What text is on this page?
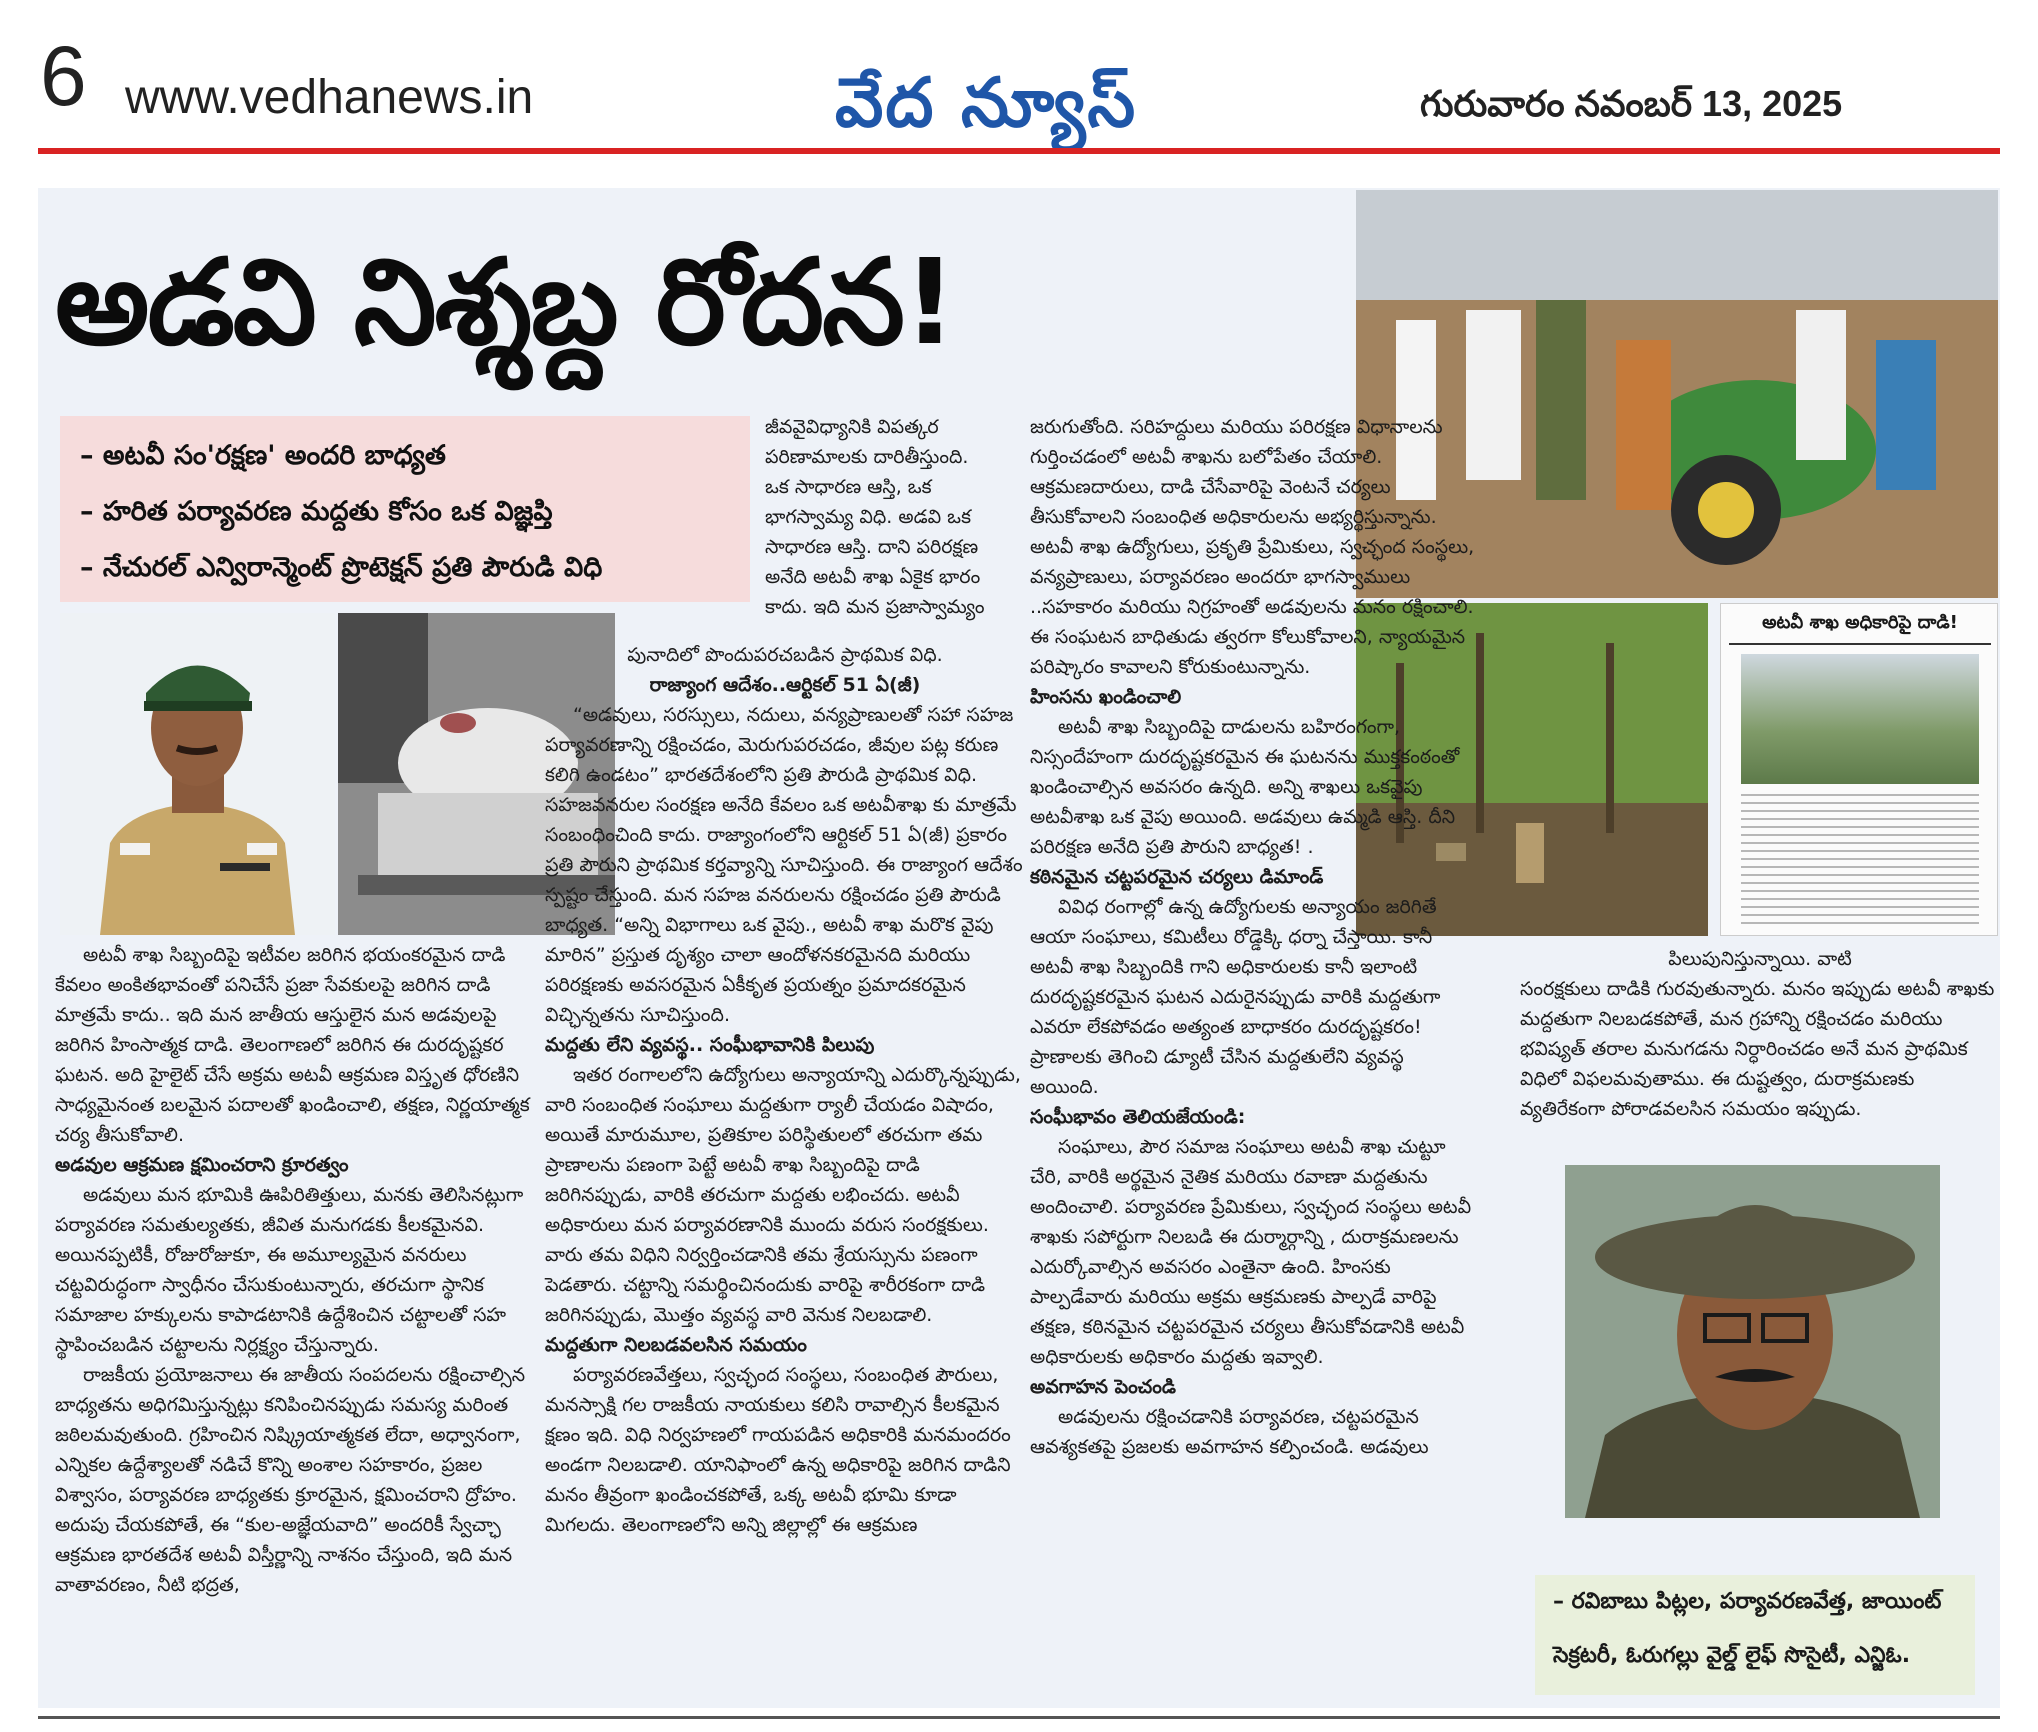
6 www.vedhanews.in	వేద న్యూస్	గురువారం నవంబర్ 13, 2025
అడవి నిశ్శబ్ద రోదన!
– అటవీ సం'రక్షణ' అందరి బాధ్యత
– హరిత పర్యావరణ మద్దతు కోసం ఒక విజ్ఞప్తి
– నేచురల్ ఎన్విరాన్మెంట్ ప్రొటెక్షన్ ప్రతి పౌరుడి విధి
అటవీ శాఖ అధికారిపై దాడి!
– రవిబాబు పిట్లల, పర్యావరణవేత్త, జాయింట్
సెక్రటరీ, ఓరుగల్లు వైల్డ్ లైఫ్ సొసైటీ, ఎన్జిఓ.

అటవీ శాఖ సిబ్బందిపై ఇటీవల జరిగిన భయంకరమైన దాడి కేవలం అంకితభావంతో పనిచేసే ప్రజా సేవకులపై జరిగిన దాడి మాత్రమే కాదు.. ఇది మన జాతీయ ఆస్తులైన మన అడవులపై జరిగిన హింసాత్మక దాడి. తెలంగాణలో జరిగిన ఈ దురదృష్టకర ఘటన. అది హైలైట్ చేసే అక్రమ అటవీ ఆక్రమణ విస్తృత ధోరణిని సాధ్యమైనంత బలమైన పదాలతో ఖండించాలి, తక్షణ, నిర్ణయాత్మక చర్య తీసుకోవాలి.

అడవుల ఆక్రమణ క్షమించరాని క్రూరత్వం

అడవులు మన భూమికి ఊపిరితిత్తులు, మనకు తెలిసినట్లుగా పర్యావరణ సమతుల్యతకు, జీవిత మనుగడకు కీలకమైనవి. అయినప్పటికీ, రోజురోజుకూ, ఈ అమూల్యమైన వనరులు చట్టవిరుద్ధంగా స్వాధీనం చేసుకుంటున్నారు, తరచుగా స్థానిక సమాజాల హక్కులను కాపాడటానికి ఉద్దేశించిన చట్టాలతో సహ స్థాపించబడిన చట్టాలను నిర్లక్ష్యం చేస్తున్నారు.

రాజకీయ ప్రయోజనాలు ఈ జాతీయ సంపదలను రక్షించాల్సిన బాధ్యతను అధిగమిస్తున్నట్లు కనిపించినప్పుడు సమస్య మరింత జఠిలమవుతుంది. గ్రహించిన నిష్క్రియాత్మకత లేదా, అధ్వానంగా, ఎన్నికల ఉద్దేశ్యాలతో నడిచే కొన్ని అంశాల సహకారం, ప్రజల విశ్వాసం, పర్యావరణ బాధ్యతకు క్రూరమైన, క్షమించరాని ద్రోహం. అదుపు చేయకపోతే, ఈ “కుల-అజ్ఞేయవాది” అందరికీ స్వేచ్ఛా ఆక్రమణ భారతదేశ అటవీ విస్తీర్ణాన్ని నాశనం చేస్తుంది, ఇది మన వాతావరణం, నీటి భద్రత,

జీవవైవిధ్యానికి విపత్కర

పరిణామాలకు దారితీస్తుంది.

ఒక సాధారణ ఆస్తి, ఒక

భాగస్వామ్య విధి. అడవి ఒక

సాధారణ ఆస్తి. దాని పరిరక్షణ

అనేది అటవీ శాఖ ఏకైక భారం

కాదు. ఇది మన ప్రజాస్వామ్యం

పునాదిలో పొందుపరచబడిన ప్రాథమిక విధి.

రాజ్యాంగ ఆదేశం..ఆర్టికల్ 51 ఏ(జీ)

“అడవులు, సరస్సులు, నదులు, వన్యప్రాణులతో సహా సహజ పర్యావరణాన్ని రక్షించడం, మెరుగుపరచడం, జీవుల పట్ల కరుణ కలిగి ఉండటం” భారతదేశంలోని ప్రతి పౌరుడి ప్రాథమిక విధి. సహజవనరుల సంరక్షణ అనేది కేవలం ఒక అటవీశాఖ కు మాత్రమే సంబంధించింది కాదు. రాజ్యాంగంలోని ఆర్టికల్ 51 ఏ(జీ) ప్రకారం ప్రతి పౌరుని ప్రాథమిక కర్తవ్యాన్ని సూచిస్తుంది. ఈ రాజ్యాంగ ఆదేశం స్పష్టం చేస్తుంది. మన సహజ వనరులను రక్షించడం ప్రతి పౌరుడి బాధ్యత. “అన్ని విభాగాలు ఒక వైపు., అటవీ శాఖ మరొక వైపు మారిన” ప్రస్తుత దృశ్యం చాలా ఆందోళనకరమైనది మరియు పరిరక్షణకు అవసరమైన ఏకీకృత ప్రయత్నం ప్రమాదకరమైన విచ్ఛిన్నతను సూచిస్తుంది.

మద్దతు లేని వ్యవస్థ.. సంఘీభావానికి పిలుపు

ఇతర రంగాలలోని ఉద్యోగులు అన్యాయాన్ని ఎదుర్కొన్నప్పుడు, వారి సంబంధిత సంఘాలు మద్దతుగా ర్యాలీ చేయడం విషాదం, అయితే మారుమూల, ప్రతికూల పరిస్థితులలో తరచుగా తమ ప్రాణాలను పణంగా పెట్టే అటవీ శాఖ సిబ్బందిపై దాడి జరిగినప్పుడు, వారికి తరచుగా మద్దతు లభించదు. అటవీ అధికారులు మన పర్యావరణానికి ముందు వరుస సంరక్షకులు. వారు తమ విధిని నిర్వర్తించడానికి తమ శ్రేయస్సును పణంగా పెడతారు. చట్టాన్ని సమర్థించినందుకు వారిపై శారీరకంగా దాడి జరిగినప్పుడు, మొత్తం వ్యవస్థ వారి వెనుక నిలబడాలి.

మద్దతుగా నిలబడవలసిన సమయం

పర్యావరణవేత్తలు, స్వచ్ఛంద సంస్థలు, సంబంధిత పౌరులు, మనస్సాక్షి గల రాజకీయ నాయకులు కలిసి రావాల్సిన కీలకమైన క్షణం ఇది. విధి నిర్వహణలో గాయపడిన అధికారికి మనమందరం అండగా నిలబడాలి. యానిఫాంలో ఉన్న అధికారిపై జరిగిన దాడిని మనం తీవ్రంగా ఖండించకపోతే, ఒక్క అటవీ భూమి కూడా మిగలదు. తెలంగాణలోని అన్ని జిల్లాల్లో ఈ ఆక్రమణ

జరుగుతోంది. సరిహద్దులు మరియు పరిరక్షణ విధానాలను గుర్తించడంలో అటవీ శాఖను బలోపేతం చేయాలి. ఆక్రమణదారులు, దాడి చేసేవారిపై వెంటనే చర్యలు తీసుకోవాలని సంబంధిత అధికారులను అభ్యర్థిస్తున్నాను. అటవీ శాఖ ఉద్యోగులు, ప్రకృతి ప్రేమికులు, స్వచ్ఛంద సంస్థలు, వన్యప్రాణులు, పర్యావరణం అందరూ భాగస్వాములు ..సహకారం మరియు నిగ్రహంతో అడవులను మనం రక్షించాలి. ఈ సంఘటన బాధితుడు త్వరగా కోలుకోవాలని, న్యాయమైన పరిష్కారం కావాలని కోరుకుంటున్నాను.

హింసను ఖండించాలి

అటవీ శాఖ సిబ్బందిపై దాడులను బహిరంగంగా, నిస్సందేహంగా దురదృష్టకరమైన ఈ ఘటనను ముక్తకంఠంతో ఖండించాల్సిన అవసరం ఉన్నది. అన్ని శాఖలు ఒకవైపు అటవీశాఖ ఒక వైపు అయింది. అడవులు ఉమ్మడి ఆస్తి. దీని పరిరక్షణ అనేది ప్రతి పౌరుని బాధ్యత! .

కఠినమైన చట్టపరమైన చర్యలు డిమాండ్

వివిధ రంగాల్లో ఉన్న ఉద్యోగులకు అన్యాయం జరిగితే ఆయా సంఘాలు, కమిటీలు రోడ్డెక్కి ధర్నా చేస్తాయి. కానీ అటవీ శాఖ సిబ్బందికి గాని అధికారులకు కానీ ఇలాంటి దురదృష్టకరమైన ఘటన ఎదురైనప్పుడు వారికి మద్దతుగా ఎవరూ లేకపోవడం అత్యంత బాధాకరం దురదృష్టకరం! ప్రాణాలకు తెగించి డ్యూటీ చేసిన మద్దతులేని వ్యవస్థ అయింది.

సంఘీభావం తెలియజేయండి:

సంఘాలు, పౌర సమాజ సంఘాలు అటవీ శాఖ చుట్టూ చేరి, వారికి అర్థమైన నైతిక మరియు రవాణా మద్దతును అందించాలి. పర్యావరణ ప్రేమికులు, స్వచ్ఛంద సంస్థలు అటవీ శాఖకు సపోర్టుగా నిలబడి ఈ దుర్మార్గాన్ని , దురాక్రమణలను ఎదుర్కోవాల్సిన అవసరం ఎంతైనా ఉంది. హింసకు పాల్పడేవారు మరియు అక్రమ ఆక్రమణకు పాల్పడే వారిపై తక్షణ, కఠినమైన చట్టపరమైన చర్యలు తీసుకోవడానికి అటవీ అధికారులకు అధికారం మద్దతు ఇవ్వాలి.

అవగాహన పెంచండి

అడవులను రక్షించడానికి పర్యావరణ, చట్టపరమైన ఆవశ్యకతపై ప్రజలకు అవగాహన కల్పించండి. అడవులు

పిలుపునిస్తున్నాయి. వాటి

సంరక్షకులు దాడికి గురవుతున్నారు. మనం ఇప్పుడు అటవీ శాఖకు మద్దతుగా నిలబడకపోతే, మన గ్రహాన్ని రక్షించడం మరియు భవిష్యత్ తరాల మనుగడను నిర్ధారించడం అనే మన ప్రాథమిక విధిలో విఫలమవుతాము. ఈ దుష్టత్వం, దురాక్రమణకు వ్యతిరేకంగా పోరాడవలసిన సమయం ఇప్పుడు.
